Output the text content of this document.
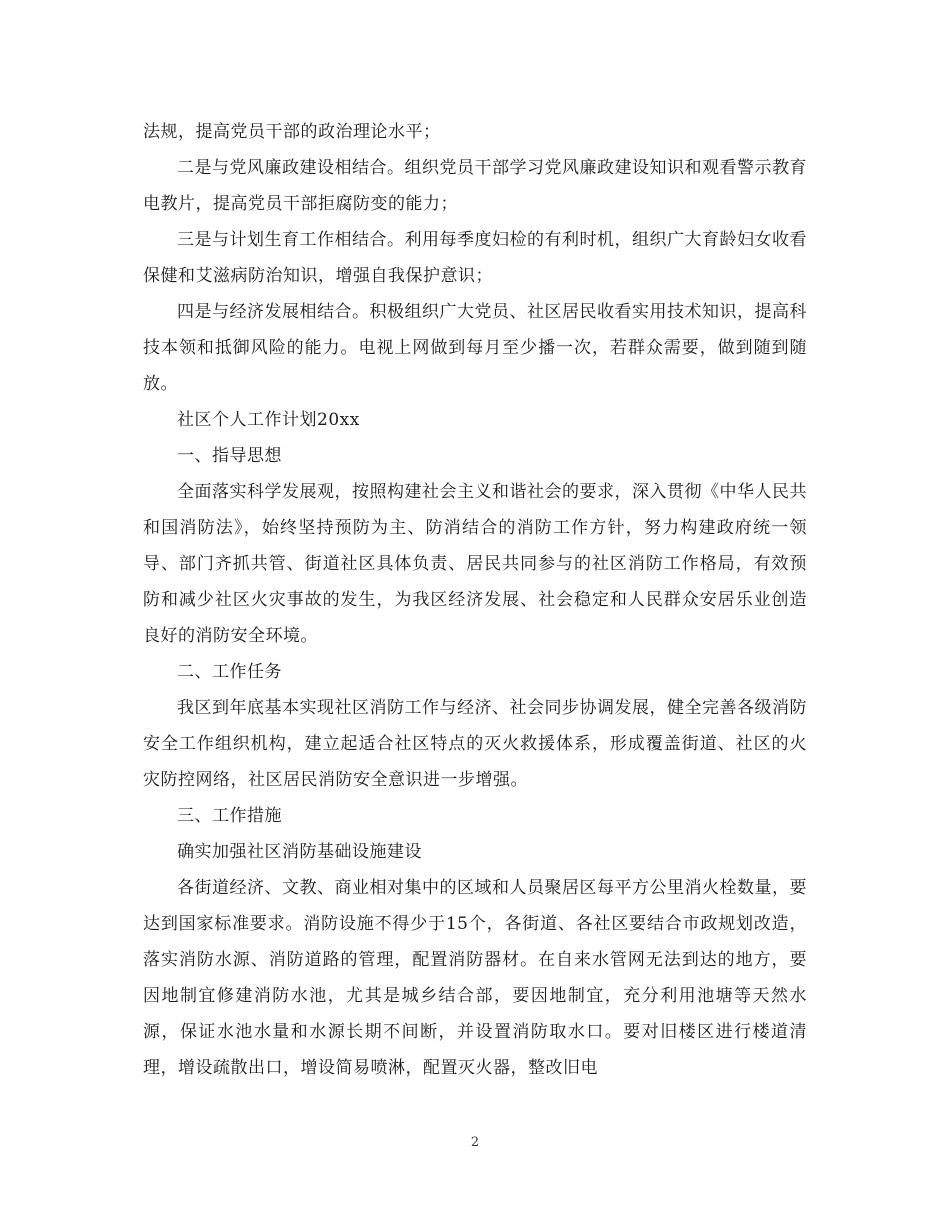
法规，提高党员干部的政治理论水平；

二是与党风廉政建设相结合。组织党员干部学习党风廉政建设知识和观看警示教育电教片，提高党员干部拒腐防变的能力；

三是与计划生育工作相结合。利用每季度妇检的有利时机，组织广大育龄妇女收看保健和艾滋病防治知识，增强自我保护意识；

四是与经济发展相结合。积极组织广大党员、社区居民收看实用技术知识，提高科技本领和抵御风险的能力。电视上网做到每月至少播一次，若群众需要，做到随到随放。

社区个人工作计划20xx

一、指导思想

全面落实科学发展观，按照构建社会主义和谐社会的要求，深入贯彻《中华人民共和国消防法》，始终坚持预防为主、防消结合的消防工作方针，努力构建政府统一领导、部门齐抓共管、街道社区具体负责、居民共同参与的社区消防工作格局，有效预防和减少社区火灾事故的发生，为我区经济发展、社会稳定和人民群众安居乐业创造良好的消防安全环境。

二、工作任务

我区到年底基本实现社区消防工作与经济、社会同步协调发展，健全完善各级消防安全工作组织机构，建立起适合社区特点的灭火救援体系，形成覆盖街道、社区的火灾防控网络，社区居民消防安全意识进一步增强。

三、工作措施

确实加强社区消防基础设施建设

各街道经济、文教、商业相对集中的区域和人员聚居区每平方公里消火栓数量，要达到国家标准要求。消防设施不得少于15个，各街道、各社区要结合市政规划改造，落实消防水源、消防道路的管理，配置消防器材。在自来水管网无法到达的地方，要因地制宜修建消防水池，尤其是城乡结合部，要因地制宜，充分利用池塘等天然水源，保证水池水量和水源长期不间断，并设置消防取水口。要对旧楼区进行楼道清理，增设疏散出口，增设简易喷淋，配置灭火器，整改旧电

2
